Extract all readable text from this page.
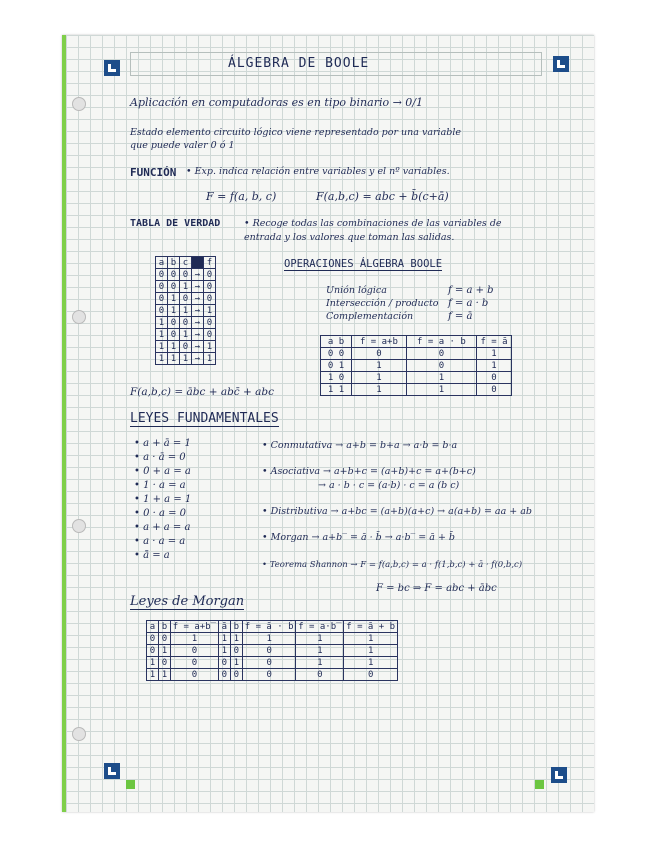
ÁLGEBRA DE BOOLE
Aplicación en computadoras es en tipo binario → 0/1
Estado elemento circuito lógico viene representado por una variable
que puede valer 0 ó 1
FUNCIÓN • Exp. indica relación entre variables y el nº variables.
F = f(a, b, c)	F(a,b,c) = abc + b̄(c+ā)
TABLA DE VERDAD • Recoge todas las combinaciones de las variables de
entrada y los valores que toman las salidas.
a	b	c		f
0	0	0	→	0
0	0	1	→	0
0	1	0	→	0
0	1	1	→	1
1	0	0	→	0
1	0	1	→	0
1	1	0	→	1
1	1	1	→	1
F(a,b,c) = ābc + abc̄ + abc
OPERACIONES ÁLGEBRA BOOLE
Unión lógica	f = a + b
Intersección / producto f = a · b
Complementación	f = ā
a b	f = a+b	f = a · b	f = ā
0 0	0	0	1
0 1	1	0	1
1 0	1	1	0
1 1	1	1	0
LEYES FUNDAMENTALES
• a + ā = 1
• a · ā = 0
• 0 + a = a
• 1 · a = a
• 1 + a = 1
• 0 · a = 0
• a + a = a
• a · a = a
• ā̄ = a
• Conmutativa → a+b = b+a → a·b = b·a
• Asociativa → a+b+c = (a+b)+c = a+(b+c)
→ a · b · c = (a·b) · c = a (b c)
• Distributiva → a+bc = (a+b)(a+c) → a(a+b) = aa + ab
• Morgan → a+b‾ = ā · b̄ → a·b‾ = ā + b̄
• Teorema Shannon → F = f(a,b,c) = a · f(1,b,c) + ā · f(0,b,c)
F = bc ⇒ F = abc + ābc
Leyes de Morgan
a	b	f = a+b‾	ā	b̄	f = ā · b̄	f = a·b‾	f = ā + b̄
0	0	1	1	1	1	1	1
0	1	0	1	0	0	1	1
1	0	0	0	1	0	1	1
1	1	0	0	0	0	0	0
